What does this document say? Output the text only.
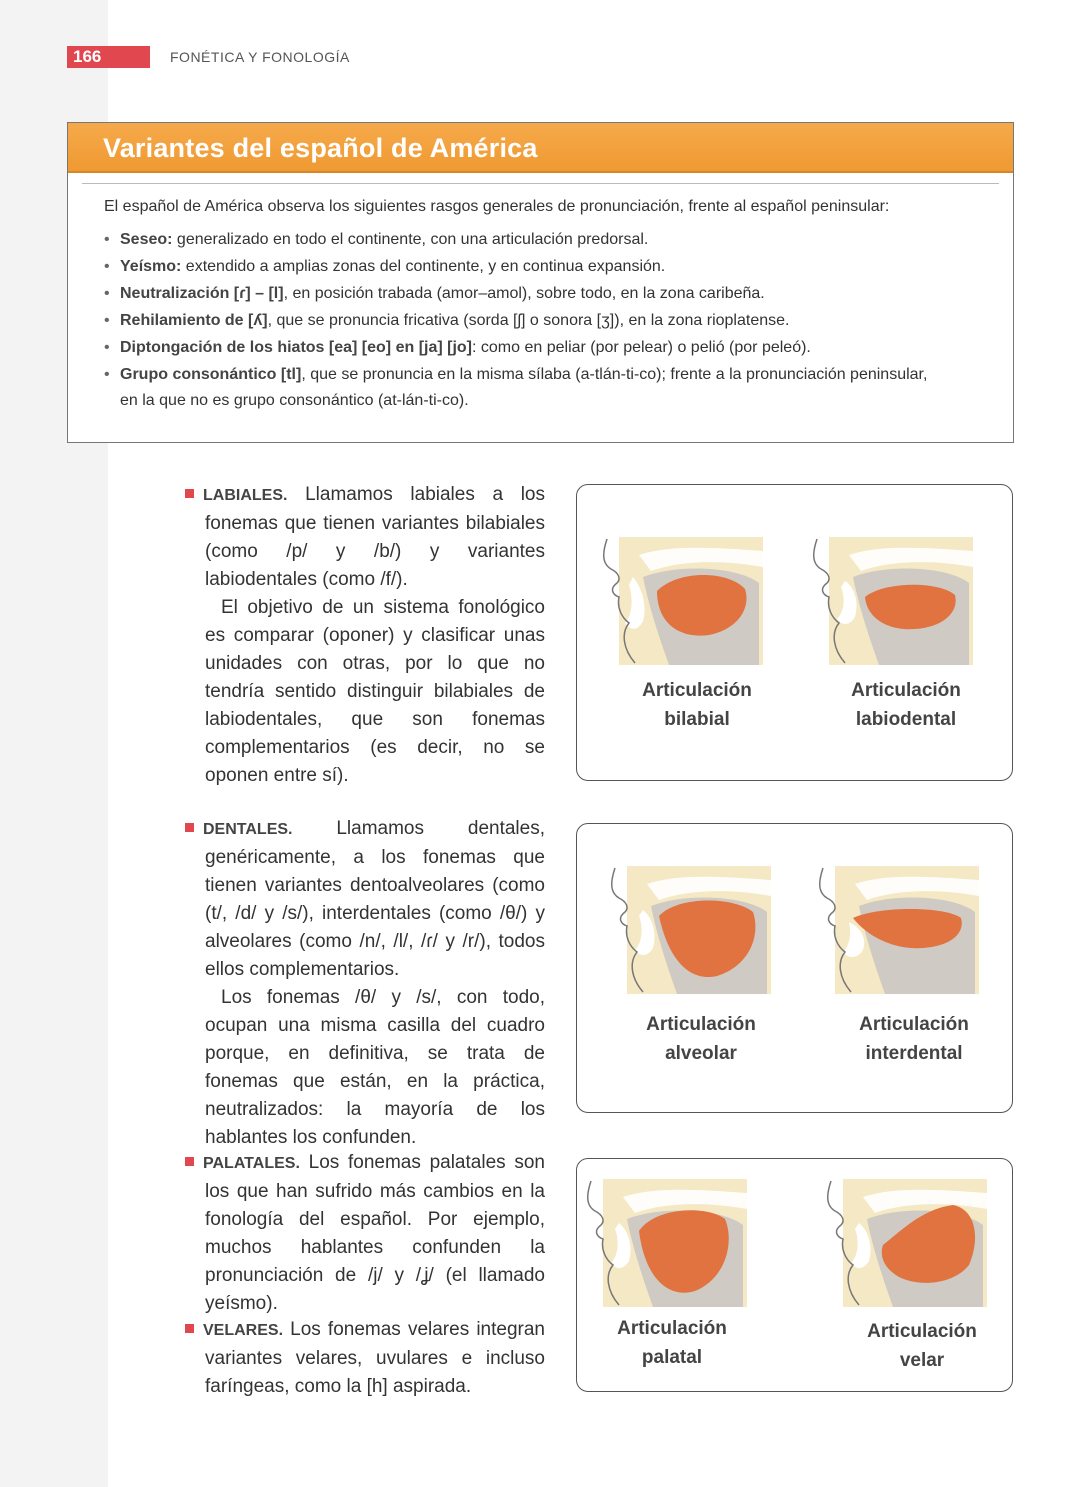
166	FONÉTICA Y FONOLOGÍA
Variantes del español de América
El español de América observa los siguientes rasgos generales de pronunciación, frente al español peninsular:
• Seseo: generalizado en todo el continente, con una articulación predorsal.
• Yeísmo: extendido a amplias zonas del continente, y en continua expansión.
• Neutralización [ɾ] – [l], en posición trabada (amor–amol), sobre todo, en la zona caribeña.
• Rehilamiento de [ʎ], que se pronuncia fricativa (sorda [ʃ] o sonora [ʒ]), en la zona rioplatense.
• Diptongación de los hiatos [ea] [eo] en [ja] [jo]: como en peliar (por pelear) o pelió (por peleó).
• Grupo consonántico [tl], que se pronuncia en la misma sílaba (a-tlán-ti-co); frente a la pronunciación peninsular,
en la que no es grupo consonántico (at-lán-ti-co).

LABIALES. Llamamos labiales a los fonemas que tienen variantes bilabiales (como /p/ y /b/) y variantes labiodentales (como /f/).

El objetivo de un sistema fonológico es comparar (oponer) y clasificar unas unidades con otras, por lo que no tendría sentido distinguir bilabiales de labiodentales, que son fonemas complementarios (es decir, no se oponen entre sí).

DENTALES. Llamamos dentales, genéricamente, a los fonemas que tienen variantes dentoalveolares (como (t/, /d/ y /s/), interdentales (como /θ/) y alveolares (como /n/, /l/, /ɾ/ y /r/), todos ellos complementarios.

Los fonemas /θ/ y /s/, con todo, ocupan una misma casilla del cuadro porque, en definitiva, se trata de fonemas que están, en la práctica, neutralizados: la mayoría de los hablantes los confunden.

PALATALES. Los fonemas palatales son los que han sufrido más cambios en la fonología del español. Por ejemplo, muchos hablantes confunden la pronunciación de /j/ y /ʝ/ (el llamado yeísmo).

VELARES. Los fonemas velares integran variantes velares, uvulares e incluso faríngeas, como la [h] aspirada.

Articulación
bilabial
Articulación
labiodental
Articulación
alveolar
Articulación
interdental
Articulación
palatal
Articulación
velar
